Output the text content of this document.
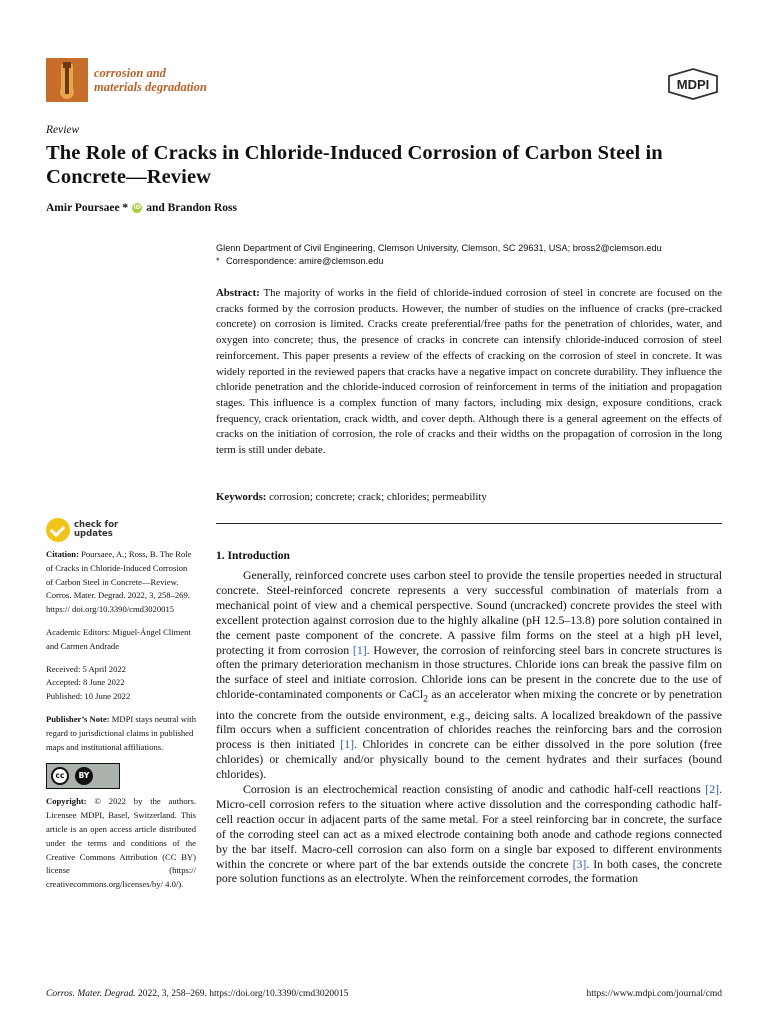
corrosion and
materials degradation	MDPI
Review
The Role of Cracks in Chloride-Induced Corrosion of Carbon Steel in Concrete—Review
Amir Poursaee * iD and Brandon Ross
Glenn Department of Civil Engineering, Clemson University, Clemson, SC 29631, USA; bross2@clemson.edu
* Correspondence: amire@clemson.edu
Abstract: The majority of works in the field of chloride-indued corrosion of steel in concrete are focused on the cracks formed by the corrosion products. However, the number of studies on the influence of cracks (pre-cracked concrete) on corrosion is limited. Cracks create preferential/free paths for the penetration of chlorides, water, and oxygen into concrete; thus, the presence of cracks in concrete can intensify chloride-induced corrosion of steel reinforcement. This paper presents a review of the effects of cracking on the corrosion of steel in concrete. It was widely reported in the reviewed papers that cracks have a negative impact on concrete durability. They influence the chloride penetration and the chloride-induced corrosion of reinforcement in terms of the initiation and propagation stages. This influence is a complex function of many factors, including mix design, exposure conditions, crack frequency, crack orientation, crack width, and cover depth. Although there is a general agreement on the effects of cracks on the initiation of corrosion, the role of cracks and their widths on the propagation of corrosion in the long term is still under debate.
Keywords: corrosion; concrete; crack; chlorides; permeability
check for
updates
Citation: Poursaee, A.; Ross, B. The Role of Cracks in Chloride-Induced Corrosion of Carbon Steel in Concrete—Review. Corros. Mater. Degrad. 2022, 3, 258–269. https:// doi.org/10.3390/cmd3020015
Academic Editors: Miguel-Ángel Climent and Carmen Andrade
Received: 5 April 2022
Accepted: 8 June 2022
Published: 10 June 2022
Publisher’s Note: MDPI stays neutral with regard to jurisdictional claims in published maps and institutional affiliations.
cc	BY
Copyright: © 2022 by the authors. Licensee MDPI, Basel, Switzerland. This article is an open access article distributed under the terms and conditions of the Creative Commons Attribution (CC BY) license (https:// creativecommons.org/licenses/by/ 4.0/).
1. Introduction

Generally, reinforced concrete uses carbon steel to provide the tensile properties needed in structural concrete. Steel-reinforced concrete represents a very successful combination of materials from a mechanical point of view and a chemical perspective. Sound (uncracked) concrete provides the steel with excellent protection against corrosion due to the highly alkaline (pH 12.5–13.8) pore solution contained in the cement paste component of the concrete. A passive film forms on the steel at a high pH level, protecting it from corrosion [1]. However, the corrosion of reinforcing steel bars in concrete structures is often the primary deterioration mechanism in those structures. Chloride ions can break the passive film on the surface of steel and initiate corrosion. Chloride ions can be present in the concrete due to the use of chloride-contaminated components or CaCl$_2$ as an accelerator when mixing the concrete or by penetration into the concrete from the outside environment, e.g., deicing salts. A localized breakdown of the passive film occurs when a sufficient concentration of chlorides reaches the reinforcing bars and the corrosion process is then initiated [1]. Chlorides in concrete can be either dissolved in the pore solution (free chlorides) or chemically and/or physically bound to the cement hydrates and their surfaces (bound chlorides).

Corrosion is an electrochemical reaction consisting of anodic and cathodic half-cell reactions [2]. Micro-cell corrosion refers to the situation where active dissolution and the corresponding cathodic half-cell reaction occur in adjacent parts of the same metal. For a steel reinforcing bar in concrete, the surface of the corroding steel can act as a mixed electrode containing both anode and cathode regions connected by the bar itself. Macro-cell corrosion can also form on a single bar exposed to different environments within the concrete or where part of the bar extends outside the concrete [3]. In both cases, the concrete pore solution functions as an electrolyte. When the reinforcement corrodes, the formation

Corros. Mater. Degrad. 2022, 3, 258–269. https://doi.org/10.3390/cmd3020015	https://www.mdpi.com/journal/cmd
